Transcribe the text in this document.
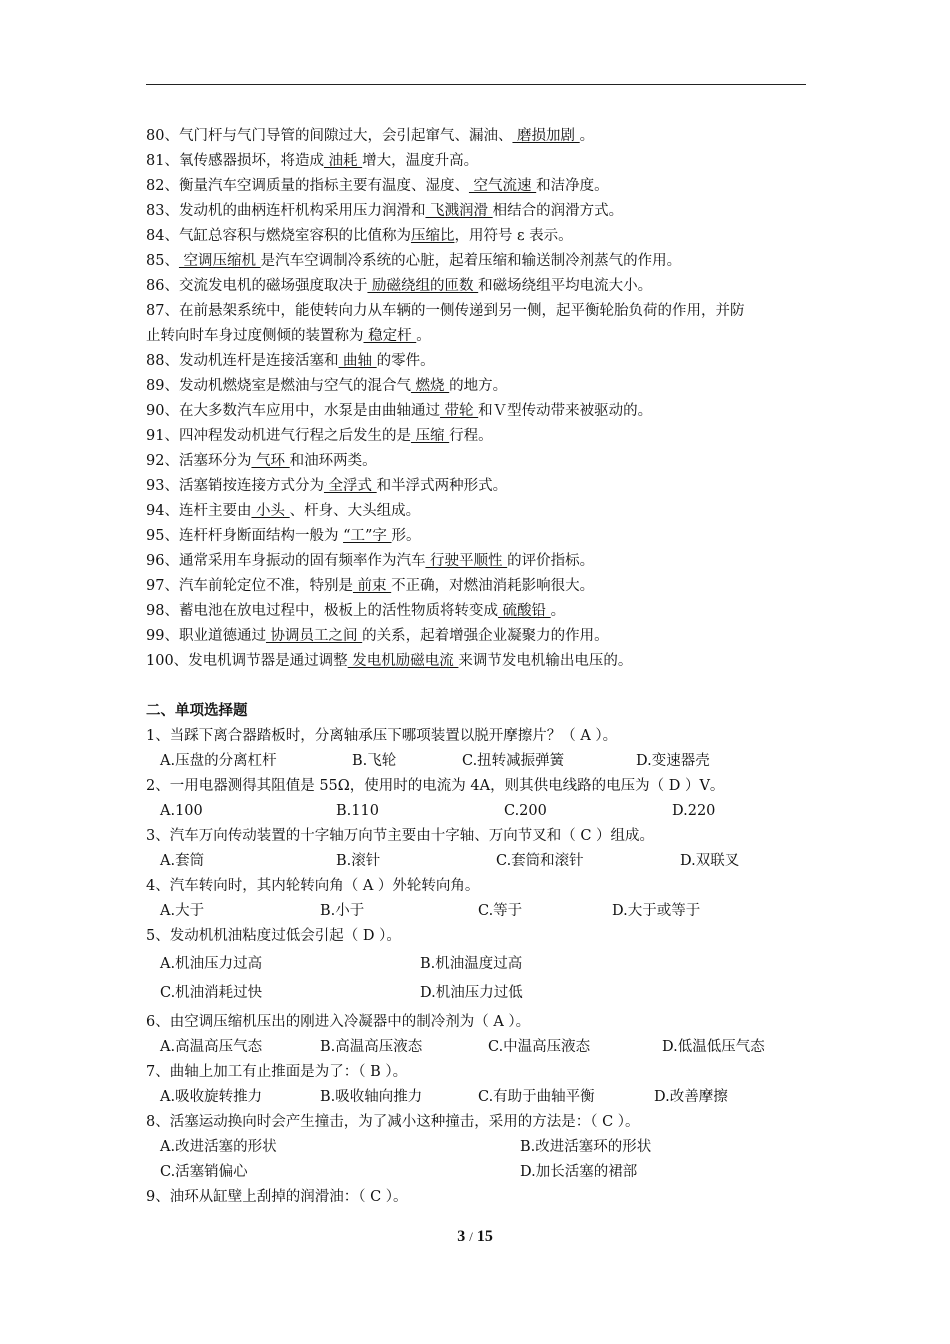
80、气门杆与气门导管的间隙过大，会引起窜气、漏油、 磨损加剧 。
81、氧传感器损坏，将造成 油耗 增大，温度升高。
82、衡量汽车空调质量的指标主要有温度、湿度、 空气流速 和洁净度。
83、发动机的曲柄连杆机构采用压力润滑和 飞溅润滑 相结合的润滑方式。
84、气缸总容积与燃烧室容积的比值称为压缩比，用符号 ε 表示。
85、 空调压缩机 是汽车空调制冷系统的心脏，起着压缩和输送制冷剂蒸气的作用。
86、交流发电机的磁场强度取决于 励磁绕组的匝数 和磁场绕组平均电流大小。
87、在前悬架系统中，能使转向力从车辆的一侧传递到另一侧，起平衡轮胎负荷的作用，并防
止转向时车身过度侧倾的装置称为 稳定杆 。
88、发动机连杆是连接活塞和 曲轴 的零件。
89、发动机燃烧室是燃油与空气的混合气 燃烧 的地方。
90、在大多数汽车应用中，水泵是由曲轴通过 带轮 和Ｖ型传动带来被驱动的。
91、四冲程发动机进气行程之后发生的是 压缩 行程。
92、活塞环分为 气环 和油环两类。
93、活塞销按连接方式分为 全浮式 和半浮式两种形式。
94、连杆主要由 小头 、杆身、大头组成。
95、连杆杆身断面结构一般为 “工”字 形。
96、通常采用车身振动的固有频率作为汽车 行驶平顺性 的评价指标。
97、汽车前轮定位不准，特别是 前束 不正确，对燃油消耗影响很大。
98、蓄电池在放电过程中，极板上的活性物质将转变成 硫酸铅 。
99、职业道德通过 协调员工之间 的关系，起着增强企业凝聚力的作用。
100、发电机调节器是通过调整 发电机励磁电流 来调节发电机输出电压的。
二、单项选择题
1、当踩下离合器踏板时，分离轴承压下哪项装置以脱开摩擦片？（ A ）。
A.压盘的分离杠杆	B.飞轮	C.扭转减振弹簧	D.变速器壳
2、一用电器测得其阻值是 55Ω，使用时的电流为 4A，则其供电线路的电压为（ D ）V。
A.100	B.110	C.200	D.220
3、汽车万向传动装置的十字轴万向节主要由十字轴、万向节叉和（ C ）组成。
A.套筒	B.滚针	C.套筒和滚针	D.双联叉
4、汽车转向时，其内轮转向角（ A ）外轮转向角。
A.大于	B.小于	C.等于	D.大于或等于
5、发动机机油粘度过低会引起（ D ）。
A.机油压力过高	B.机油温度过高
C.机油消耗过快	D.机油压力过低
6、由空调压缩机压出的刚进入冷凝器中的制冷剂为（ A ）。
A.高温高压气态	B.高温高压液态	C.中温高压液态	D.低温低压气态
7、曲轴上加工有止推面是为了：（ B ）。
A.吸收旋转推力	B.吸收轴向推力	C.有助于曲轴平衡	D.改善摩擦
8、活塞运动换向时会产生撞击，为了减小这种撞击，采用的方法是：（ C ）。
A.改进活塞的形状	B.改进活塞环的形状
C.活塞销偏心	D.加长活塞的裙部
9、油环从缸壁上刮掉的润滑油：（ C ）。
3 / 15
